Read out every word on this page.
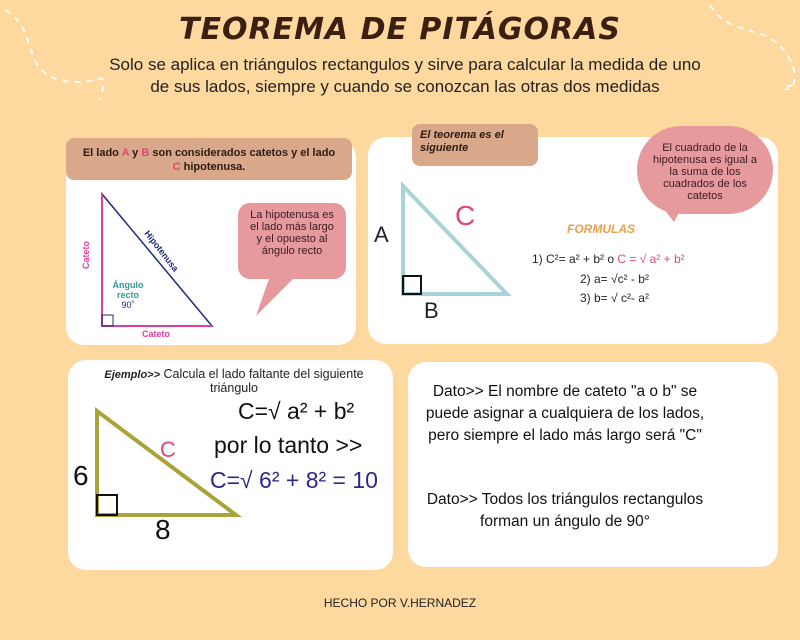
TEOREMA DE PITÁGORAS
Solo se aplica en triángulos rectangulos y sirve para calcular la medida de uno
de sus lados, siempre y cuando se conozcan las otras dos medidas
El lado A y B son considerados catetos y el lado
C hipotenusa.
Cateto
Cateto
Hipotenusa
Ángulo
recto
90˚
La hipotenusa es el lado más largo y el opuesto al ángulo recto
El teorema es el siguiente
A
B
C	FORMULAS
1) C²= a² + b² o C = √ a² + b²
2) a= √c² - b²
3) b= √ c²- a²
El cuadrado de la hipotenusa es igual a la suma de los cuadrados de los catetos
Ejemplo>> Calcula el lado faltante del siguiente
triángulo
6
8
C
C=√ a² + b²
por lo tanto >>
C=√ 6² + 8² = 10
Dato>> El nombre de cateto "a o b" se puede asignar a cualquiera de los lados, pero siempre el lado más largo será "C"
Dato>> Todos los triángulos rectangulos forman un ángulo de 90°
HECHO POR V.HERNADEZ
